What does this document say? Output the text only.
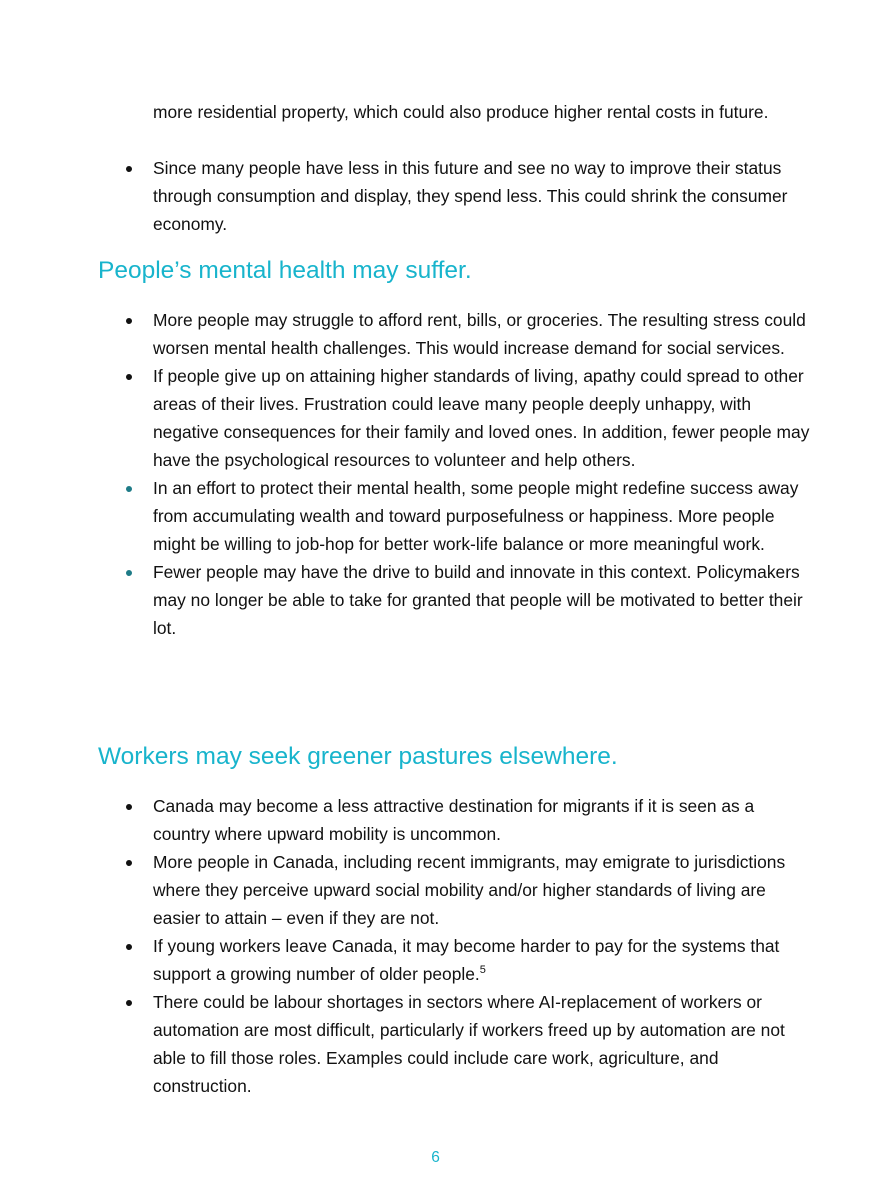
more residential property, which could also produce higher rental costs in future.

Since many people have less in this future and see no way to improve their status through consumption and display, they spend less. This could shrink the consumer economy.
People’s mental health may suffer.
More people may struggle to afford rent, bills, or groceries. The resulting stress could worsen mental health challenges. This would increase demand for social services.
If people give up on attaining higher standards of living, apathy could spread to other areas of their lives. Frustration could leave many people deeply unhappy, with negative consequences for their family and loved ones. In addition, fewer people may have the psychological resources to volunteer and help others.
In an effort to protect their mental health, some people might redefine success away from accumulating wealth and toward purposefulness or happiness. More people might be willing to job-hop for better work-life balance or more meaningful work.
Fewer people may have the drive to build and innovate in this context. Policymakers may no longer be able to take for granted that people will be motivated to better their lot.
Workers may seek greener pastures elsewhere.
Canada may become a less attractive destination for migrants if it is seen as a country where upward mobility is uncommon.
More people in Canada, including recent immigrants, may emigrate to jurisdictions where they perceive upward social mobility and/or higher standards of living are easier to attain – even if they are not.
If young workers leave Canada, it may become harder to pay for the systems that support a growing number of older people.$^5$
There could be labour shortages in sectors where AI-replacement of workers or automation are most difficult, particularly if workers freed up by automation are not able to fill those roles. Examples could include care work, agriculture, and construction.
6
